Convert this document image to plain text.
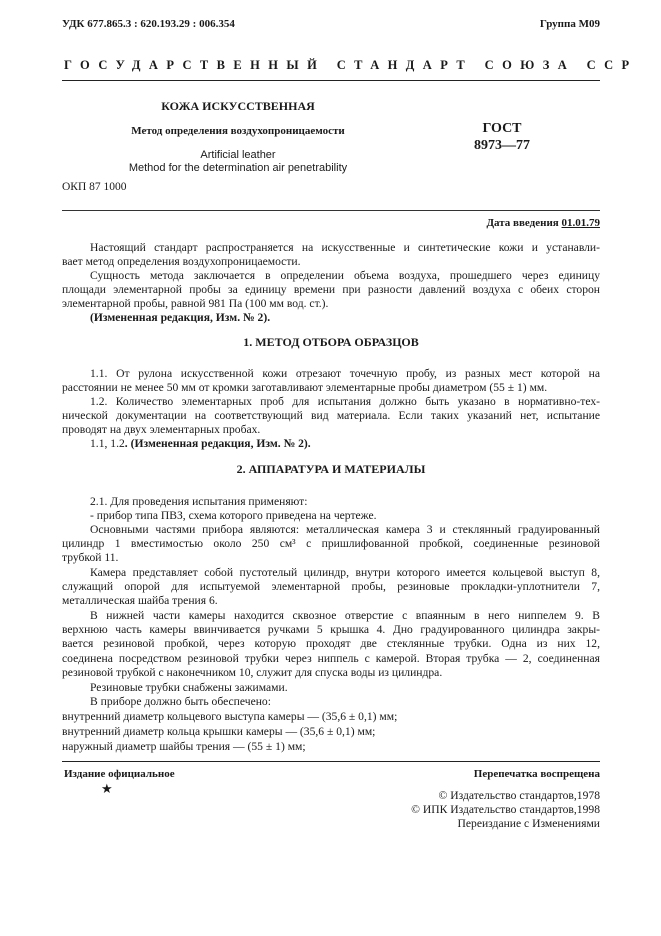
УДК 677.865.3 : 620.193.29 : 006.354	Группа М09
ГОСУДАРСТВЕННЫЙ СТАНДАРТ СОЮЗА ССР
КОЖА ИСКУССТВЕННАЯ
Метод определения воздухопроницаемости
Artificial leather
Method for the determination air penetrability
ГОСТ
8973—77
ОКП 87 1000
Дата введения 01.01.79
Настоящий стандарт распространяется на искусственные и синтетические кожи и устанавли-
вает метод определения воздухопроницаемости.
Сущность метода заключается в определении объема воздуха, прошедшего через единицу
площади элементарной пробы за единицу времени при разности давлений воздуха с обеих сторон
элементарной пробы, равной 981 Па (100 мм вод. ст.).
(Измененная редакция, Изм. № 2).
1. МЕТОД ОТБОРА ОБРАЗЦОВ
1.1. От рулона искусственной кожи отрезают точечную пробу, из разных мест которой на
расстоянии не менее 50 мм от кромки заготавливают элементарные пробы диаметром (55 ± 1) мм.
1.2. Количество элементарных проб для испытания должно быть указано в нормативно-тех-
нической документации на соответствующий вид материала. Если таких указаний нет, испытание
проводят на двух элементарных пробах.
1.1, 1.2. (Измененная редакция, Изм. № 2).
2. АППАРАТУРА И МАТЕРИАЛЫ
2.1. Для проведения испытания применяют:
- прибор типа ПВЗ, схема которого приведена на чертеже.
Основными частями прибора являются: металлическая камера 3 и стеклянный градуированный
цилиндр 1 вместимостью около 250 см³ с пришлифованной пробкой, соединенные резиновой
трубкой 11.
Камера представляет собой пустотелый цилиндр, внутри которого имеется кольцевой выступ 8,
служащий опорой для испытуемой элементарной пробы, резиновые прокладки-уплотнители 7,
металлическая шайба трения 6.
В нижней части камеры находится сквозное отверстие с впаянным в него ниппелем 9. В
верхнюю часть камеры ввинчивается ручками 5 крышка 4. Дно градуированного цилиндра закры-
вается резиновой пробкой, через которую проходят две стеклянные трубки. Одна из них 12,
соединена посредством резиновой трубки через ниппель с камерой. Вторая трубка — 2, соединенная
резиновой трубкой с наконечником 10, служит для спуска воды из цилиндра.
Резиновые трубки снабжены зажимами.
В приборе должно быть обеспечено:
внутренний диаметр кольцевого выступа камеры — (35,6 ± 0,1) мм;
внутренний диаметр кольца крышки камеры — (35,6 ± 0,1) мм;
наружный диаметр шайбы трения — (55 ± 1) мм;
Издание официальное
★
Перепечатка воспрещена
© Издательство стандартов,1978
© ИПК Издательство стандартов,1998
Переиздание с Изменениями
